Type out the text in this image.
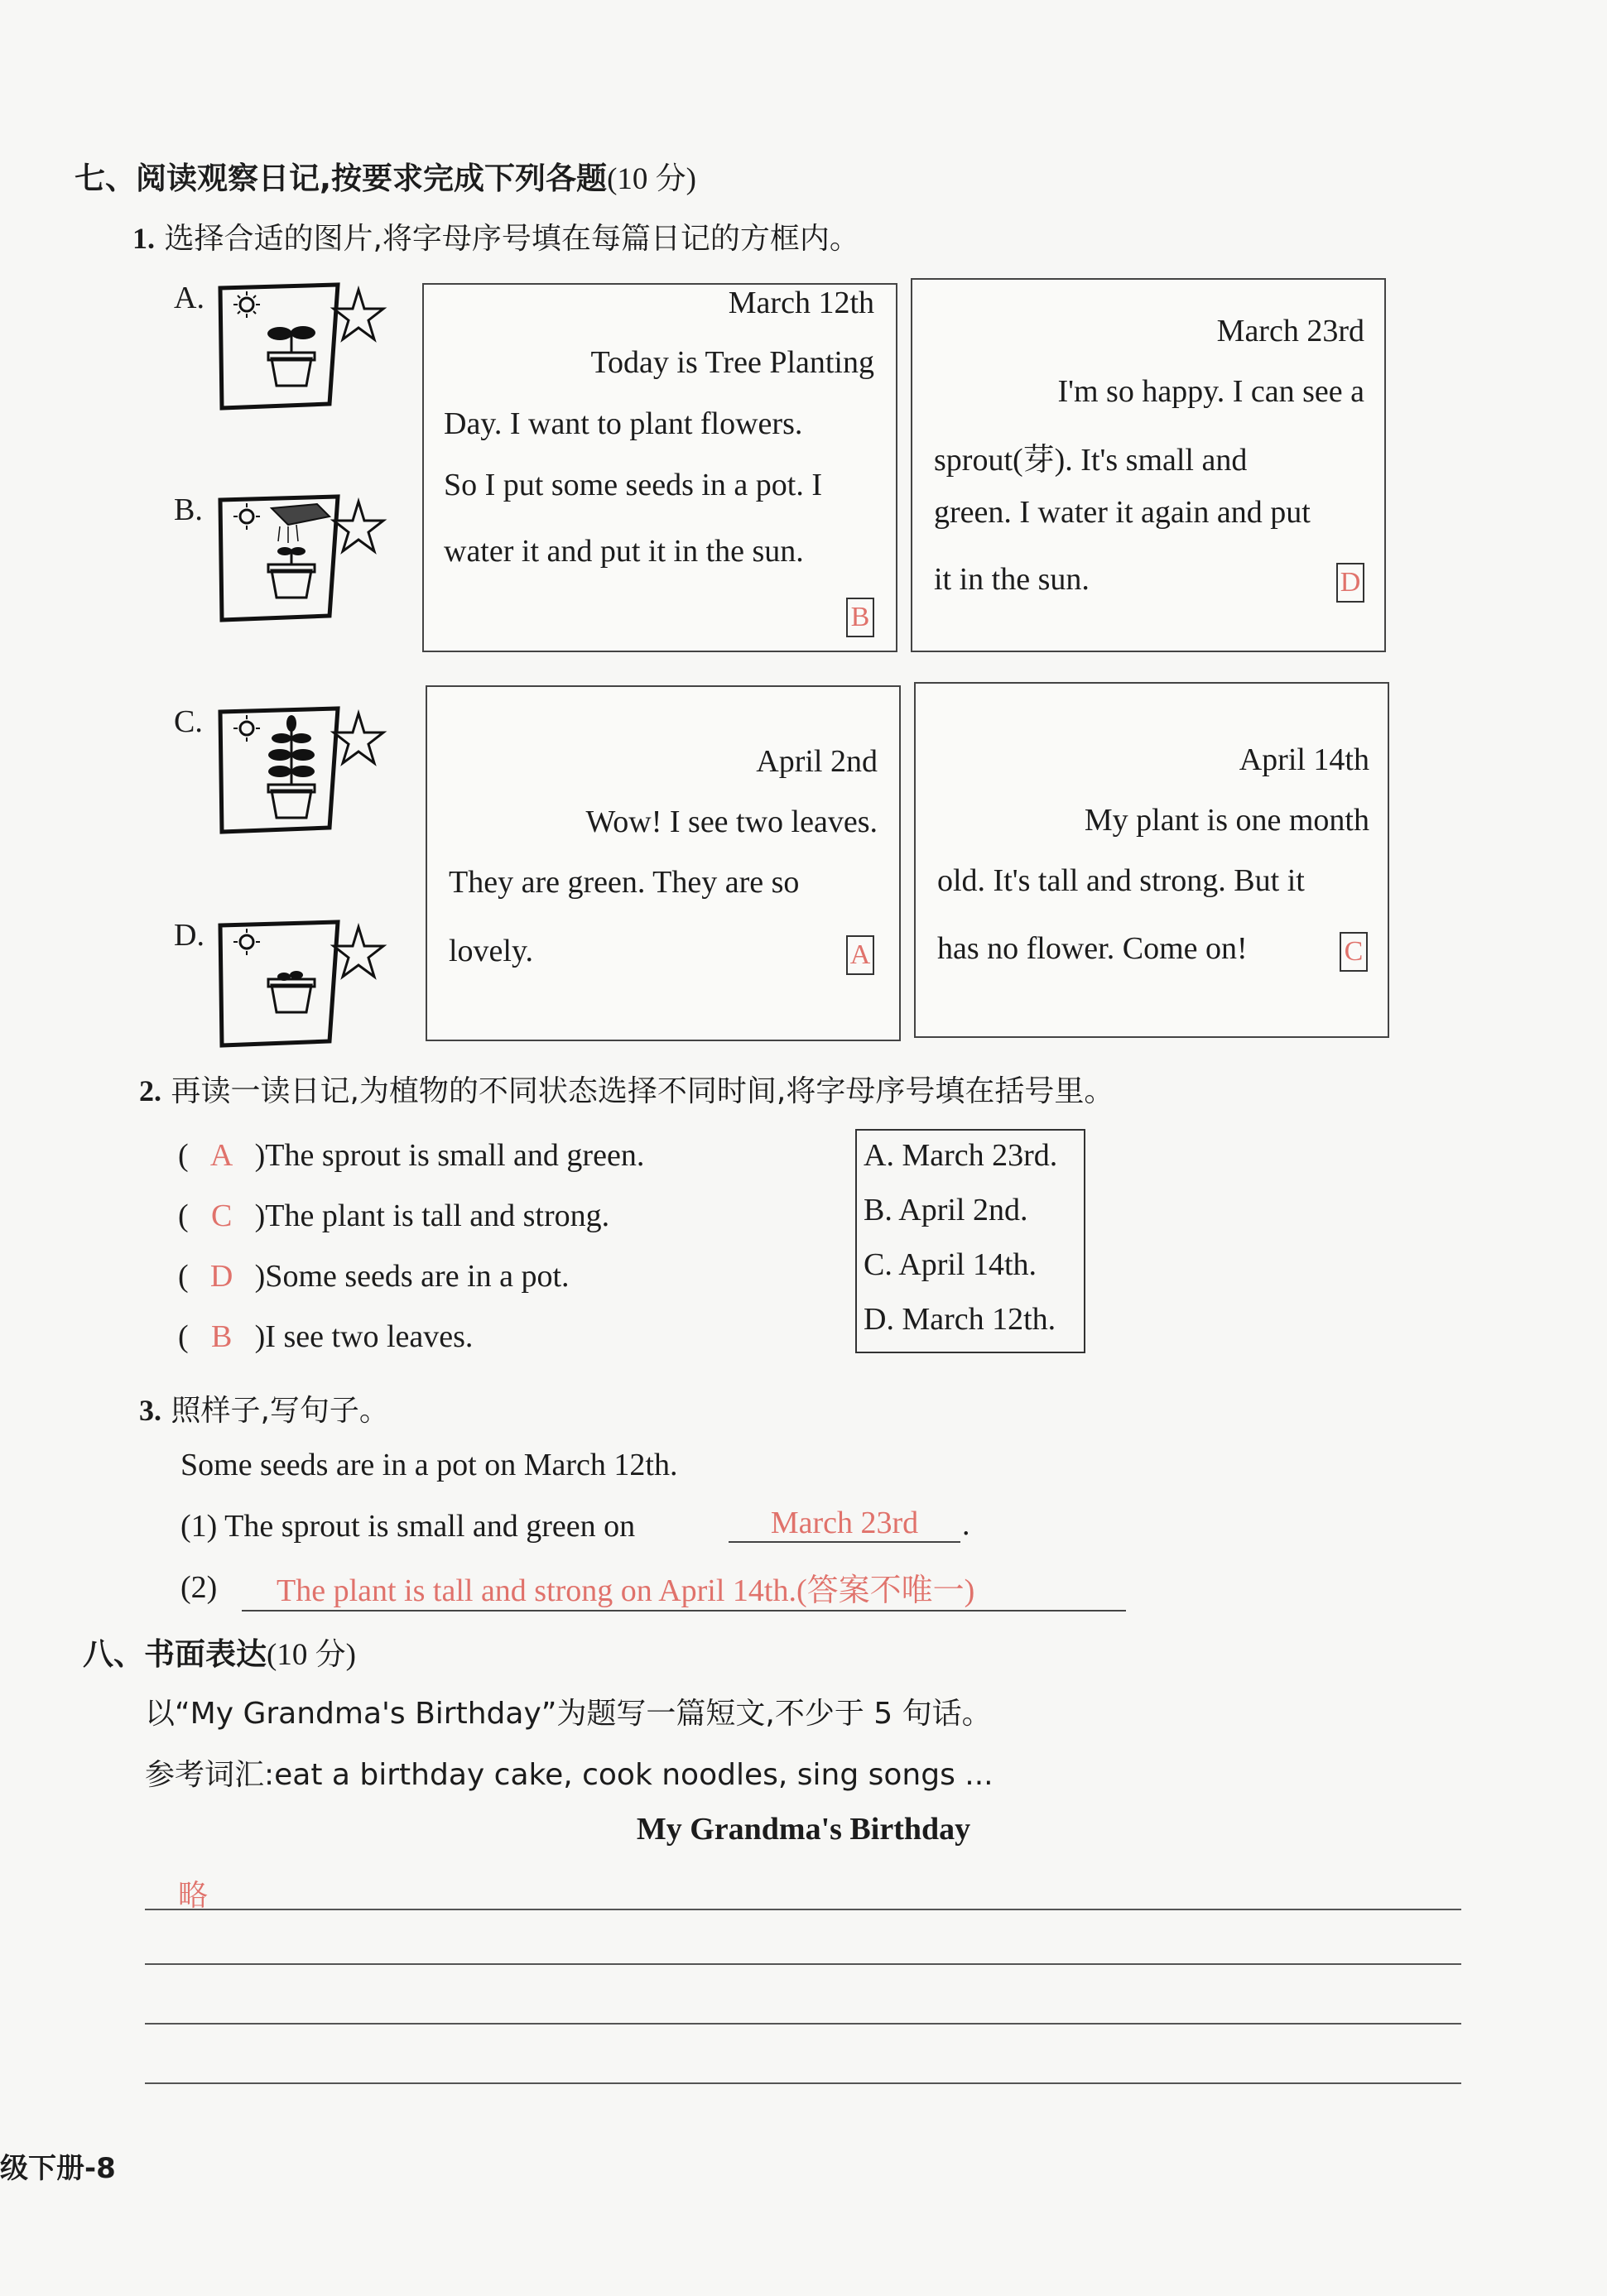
七、阅读观察日记,按要求完成下列各题(10 分)
1. 选择合适的图片,将字母序号填在每篇日记的方框内。
A.
B.
C.
D.

March 12th

Today is Tree Planting

Day. I want to plant flowers.

So I put some seeds in a pot. I

water it and put it in the sun.

B

March 23rd

I'm so happy. I can see a

sprout(芽). It's small and

green. I water it again and put

it in the sun.	D

April 2nd

Wow! I see two leaves.

They are green. They are so

lovely.	A

April 14th

My plant is one month

old. It's tall and strong. But it

has no flower. Come on!	C
2. 再读一读日记,为植物的不同状态选择不同时间,将字母序号填在括号里。
( A )The sprout is small and green.
( C )The plant is tall and strong.
( D )Some seeds are in a pot.
( B )I see two leaves.
A. March 23rd.
B. April 2nd.
C. April 14th.
D. March 12th.
3. 照样子,写句子。
Some seeds are in a pot on March 12th.
(1) The sprout is small and green on	March 23rd	.
(2)	The plant is tall and strong on April 14th.(答案不唯一)
八、书面表达(10 分)
以“My Grandma's Birthday”为题写一篇短文,不少于 5 句话。
参考词汇:eat a birthday cake, cook noodles, sing songs ...
My Grandma's Birthday
略
级下册-8
